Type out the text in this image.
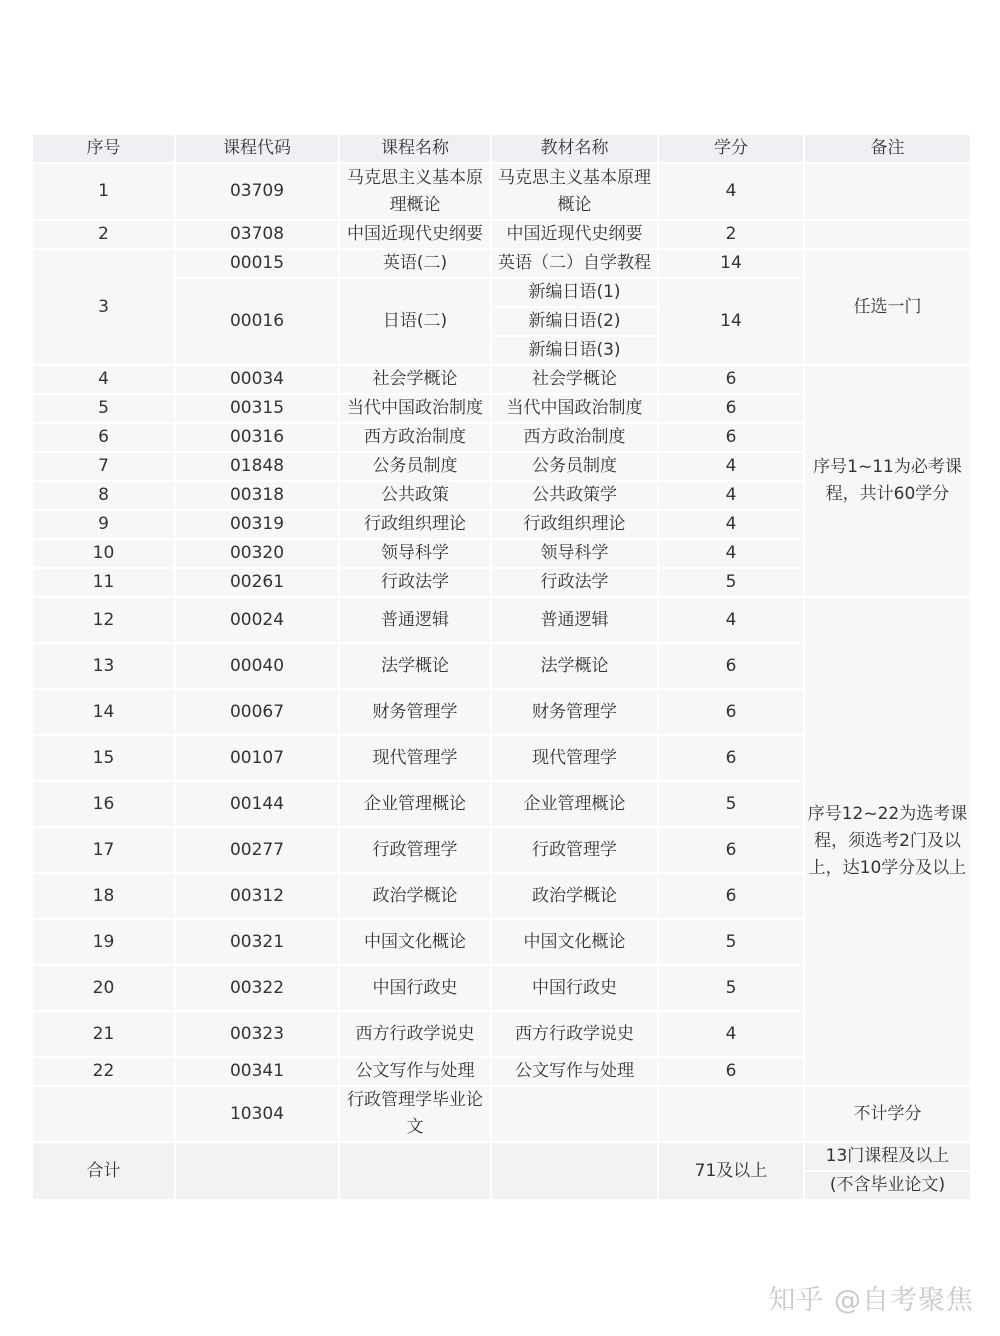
序号	课程代码	课程名称	教材名称	学分	备注
1	03709	马克思主义基本原理概论	马克思主义基本原理概论	4	
2	03708	中国近现代史纲要	中国近现代史纲要	2	
3	00015	英语(二)	英语（二）自学教程	14	任选一门
	00016	日语(二)	新编日语(1)	14	
			新编日语(2)		
			新编日语(3)		
4	00034	社会学概论	社会学概论	6	序号1~11为必考课程，共计60学分
5	00315	当代中国政治制度	当代中国政治制度	6	
6	00316	西方政治制度	西方政治制度	6	
7	01848	公务员制度	公务员制度	4	
8	00318	公共政策	公共政策学	4	
9	00319	行政组织理论	行政组织理论	4	
10	00320	领导科学	领导科学	4	
11	00261	行政法学	行政法学	5	
12	00024	普通逻辑	普通逻辑	4	序号12~22为选考课程，须选考2门及以上，达10学分及以上
13	00040	法学概论	法学概论	6	
14	00067	财务管理学	财务管理学	6	
15	00107	现代管理学	现代管理学	6	
16	00144	企业管理概论	企业管理概论	5	
17	00277	行政管理学	行政管理学	6	
18	00312	政治学概论	政治学概论	6	
19	00321	中国文化概论	中国文化概论	5	
20	00322	中国行政史	中国行政史	5	
21	00323	西方行政学说史	西方行政学说史	4	
22	00341	公文写作与处理	公文写作与处理	6	
	10304	行政管理学毕业论文			不计学分
合计				71及以上	13门课程及以上
					(不含毕业论文)
知乎 @自考聚焦
